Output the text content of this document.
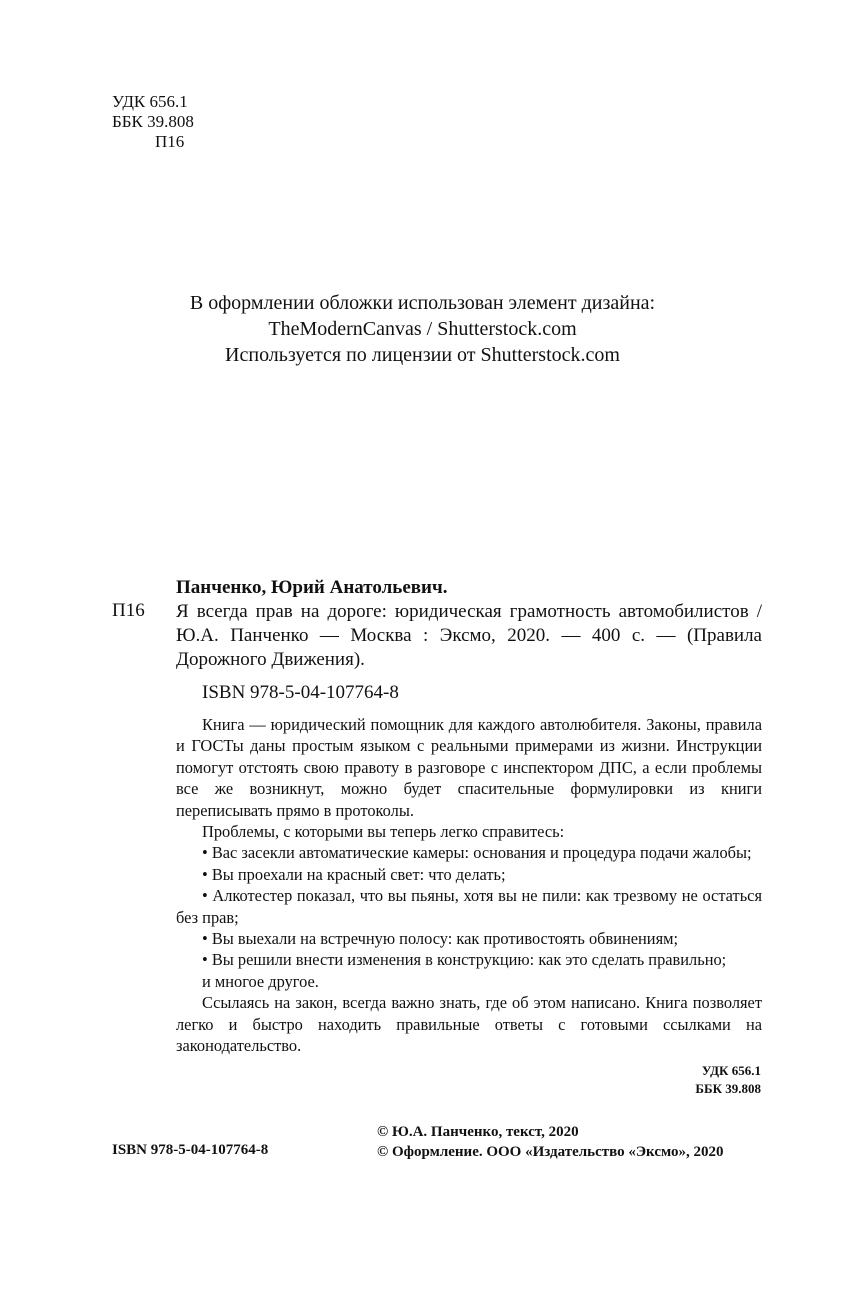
УДК 656.1
ББК 39.808
П16
В оформлении обложки использован элемент дизайна:
TheModernCanvas / Shutterstock.com
Используется по лицензии от Shutterstock.com
Панченко, Юрий Анатольевич.
П16 Я всегда прав на дороге: юридическая грамотность автомобилистов / Ю.А. Панченко — Москва : Эксмо, 2020. — 400 с. — (Правила Дорожного Движения).

ISBN 978-5-04-107764-8

Книга — юридический помощник для каждого автолюбителя. Законы, правила и ГОСТы даны простым языком с реальными примерами из жизни. Инструкции помогут отстоять свою правоту в разговоре с инспектором ДПС, а если проблемы все же возникнут, можно будет спасительные формулировки из книги переписывать прямо в протоколы.

Проблемы, с которыми вы теперь легко справитесь:

• Вас засекли автоматические камеры: основания и процедура подачи жалобы;

• Вы проехали на красный свет: что делать;

• Алкотестер показал, что вы пьяны, хотя вы не пили: как трезвому не остаться без прав;

• Вы выехали на встречную полосу: как противостоять обвинениям;

• Вы решили внести изменения в конструкцию: как это сделать правильно;

и многое другое.

Ссылаясь на закон, всегда важно знать, где об этом написано. Книга позволяет легко и быстро находить правильные ответы с готовыми ссылками на законодательство.

УДК 656.1
ББК 39.808
ISBN 978-5-04-107764-8
© Ю.А. Панченко, текст, 2020
© Оформление. ООО «Издательство «Эксмо», 2020
